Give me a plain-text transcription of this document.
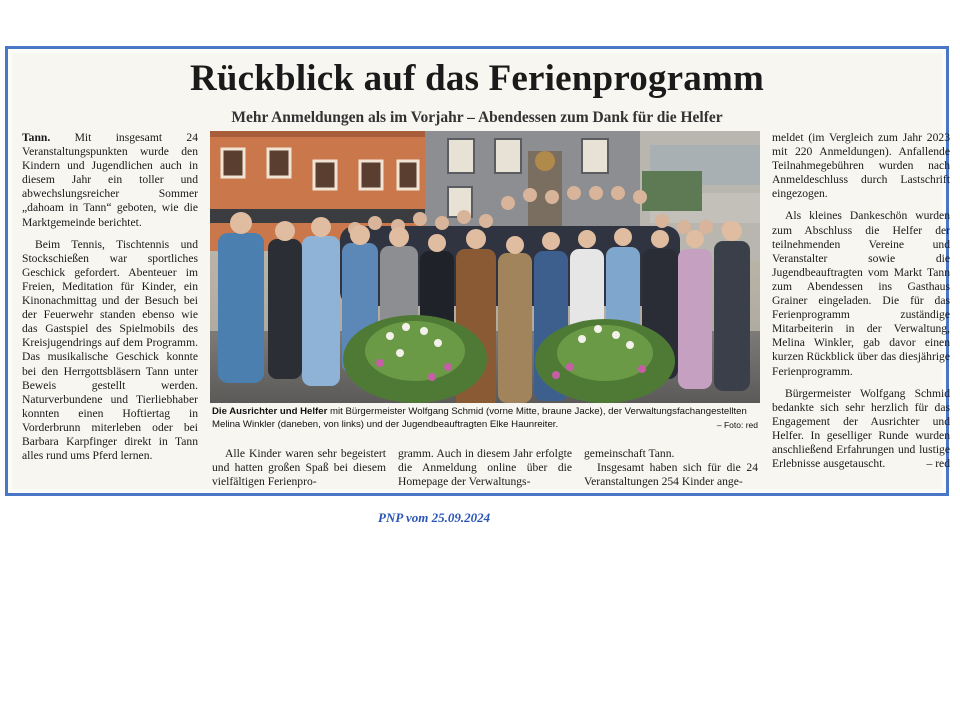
Rückblick auf das Ferienprogramm
Mehr Anmeldungen als im Vorjahr – Abendessen zum Dank für die Helfer

Tann. Mit insgesamt 24 Veranstaltungspunkten wurde den Kindern und Jugendlichen auch in diesem Jahr ein toller und abwechslungsreicher Sommer „dahoam in Tann“ geboten, wie die Marktgemeinde berichtet.

Beim Tennis, Tischtennis und Stockschießen war sportliches Geschick gefordert. Abenteuer im Freien, Meditation für Kinder, ein Kinonachmittag und der Besuch bei der Feuerwehr standen ebenso wie das Gastspiel des Spielmobils des Kreisjugendrings auf dem Programm. Das musikalische Geschick konnte bei den Herrgottsbläsern Tann unter Beweis gestellt werden. Naturverbundene und Tierliebhaber konnten einen Hoftiertag in Vorderbrunn miterleben oder bei Barbara Karpfinger direkt in Tann alles rund ums Pferd lernen.

Die Ausrichter und Helfer mit Bürgermeister Wolfgang Schmid (vorne Mitte, braune Jacke), der Verwaltungsfachangestellten Melina Winkler (daneben, von links) und der Jugendbeauftragten Elke Haunreiter.	– Foto: red

Alle Kinder waren sehr begeistert und hatten großen Spaß bei diesem vielfältigen Ferienpro-

gramm. Auch in diesem Jahr erfolgte die Anmeldung online über die Homepage der Verwaltungs-

gemeinschaft Tann.

Insgesamt haben sich für die 24 Veranstaltungen 254 Kinder ange-

meldet (im Vergleich zum Jahr 2023 mit 220 Anmeldungen). Anfallende Teilnahmegebühren wurden nach Anmeldeschluss durch Lastschrift eingezogen.

Als kleines Dankeschön wurden zum Abschluss die Helfer der teilnehmenden Vereine und Veranstalter sowie die Jugendbeauftragten vom Markt Tann zum Abendessen ins Gasthaus Grainer eingeladen. Die für das Ferienprogramm zuständige Mitarbeiterin in der Verwaltung, Melina Winkler, gab davor einen kurzen Rückblick über das diesjährige Ferienprogramm.

Bürgermeister Wolfgang Schmid bedankte sich sehr herzlich für das Engagement der Ausrichter und Helfer. In geselliger Runde wurden anschließend Erfahrungen und lustige Erlebnisse ausgetauscht.	– red

PNP vom 25.09.2024
